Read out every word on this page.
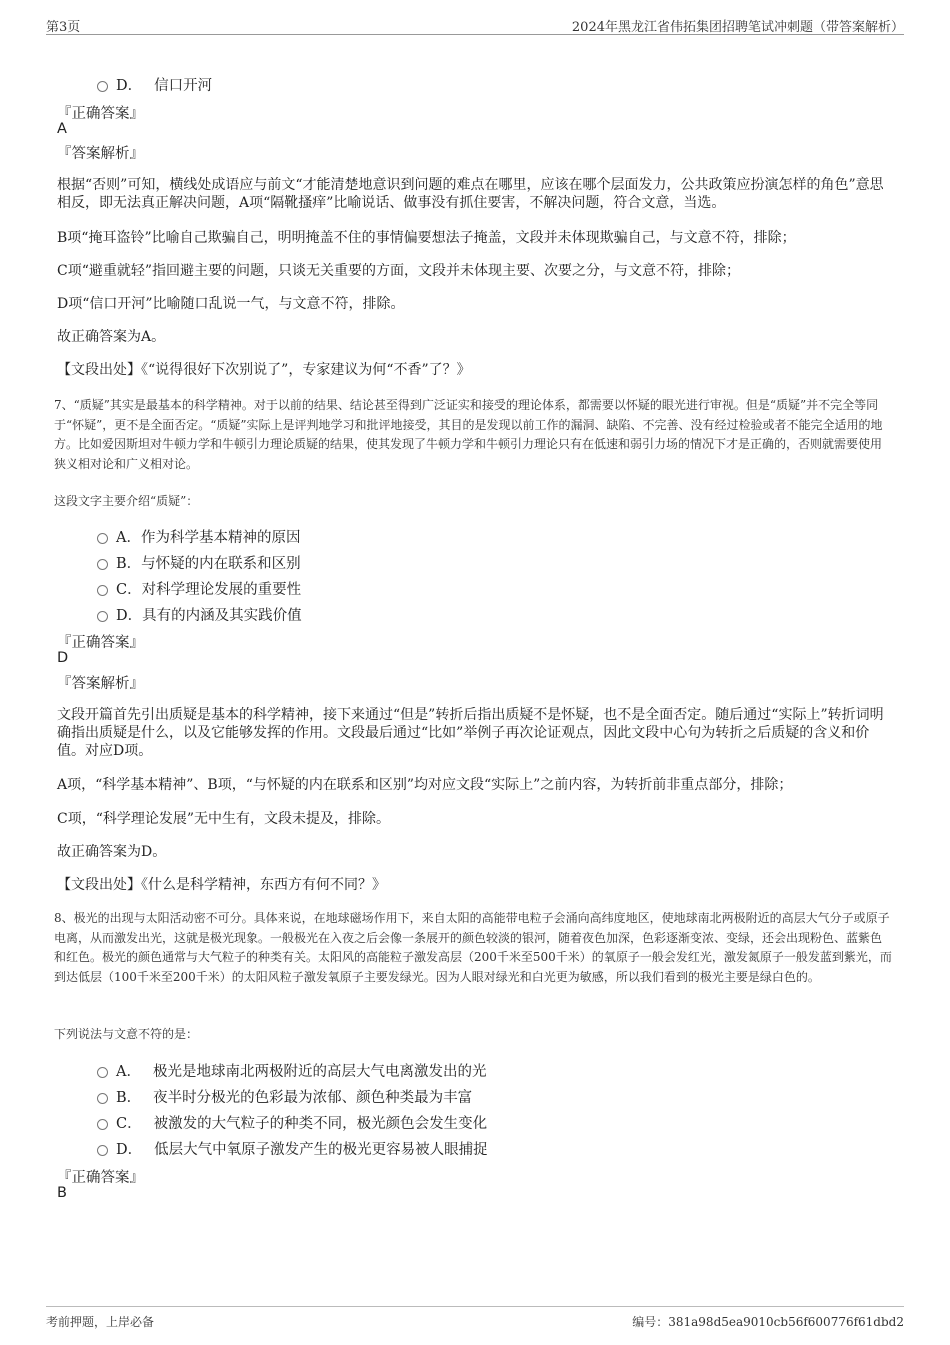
第3页	2024年黑龙江省伟拓集团招聘笔试冲刺题（带答案解析）
D． 信口开河
『正确答案』
A
『答案解析』
根据“否则”可知，横线处成语应与前文“才能清楚地意识到问题的难点在哪里，应该在哪个层面发力，公共政策应扮演怎样的角色”意思相反，即无法真正解决问题，A项“隔靴搔痒”比喻说话、做事没有抓住要害，不解决问题，符合文意，当选。
B项“掩耳盗铃”比喻自己欺骗自己，明明掩盖不住的事情偏要想法子掩盖，文段并未体现欺骗自己，与文意不符，排除；
C项“避重就轻”指回避主要的问题，只谈无关重要的方面，文段并未体现主要、次要之分，与文意不符，排除；
D项“信口开河”比喻随口乱说一气，与文意不符，排除。
故正确答案为A。
【文段出处】《“说得很好下次别说了”，专家建议为何“不香”了？》
7、“质疑”其实是最基本的科学精神。对于以前的结果、结论甚至得到广泛证实和接受的理论体系，都需要以怀疑的眼光进行审视。但是“质疑”并不完全等同于“怀疑”，更不是全面否定。“质疑”实际上是评判地学习和批评地接受，其目的是发现以前工作的漏洞、缺陷、不完善、没有经过检验或者不能完全适用的地方。比如爱因斯坦对牛顿力学和牛顿引力理论质疑的结果，使其发现了牛顿力学和牛顿引力理论只有在低速和弱引力场的情况下才是正确的，否则就需要使用狭义相对论和广义相对论。
这段文字主要介绍“质疑”：
A． 作为科学基本精神的原因
B． 与怀疑的内在联系和区别
C． 对科学理论发展的重要性
D． 具有的内涵及其实践价值
『正确答案』
D
『答案解析』
文段开篇首先引出质疑是基本的科学精神，接下来通过“但是”转折后指出质疑不是怀疑，也不是全面否定。随后通过“实际上”转折词明确指出质疑是什么，以及它能够发挥的作用。文段最后通过“比如”举例子再次论证观点，因此文段中心句为转折之后质疑的含义和价值。对应D项。
A项，“科学基本精神”、B项，“与怀疑的内在联系和区别”均对应文段“实际上”之前内容，为转折前非重点部分，排除；
C项，“科学理论发展”无中生有，文段未提及，排除。
故正确答案为D。
【文段出处】《什么是科学精神，东西方有何不同？》
8、极光的出现与太阳活动密不可分。具体来说，在地球磁场作用下，来自太阳的高能带电粒子会涌向高纬度地区，使地球南北两极附近的高层大气分子或原子电离，从而激发出光，这就是极光现象。一般极光在入夜之后会像一条展开的颜色较淡的银河，随着夜色加深，色彩逐渐变浓、变绿，还会出现粉色、蓝紫色和红色。极光的颜色通常与大气粒子的种类有关。太阳风的高能粒子激发高层（200千米至500千米）的氧原子一般会发红光，激发氮原子一般发蓝到紫光，而到达低层（100千米至200千米）的太阳风粒子激发氧原子主要发绿光。因为人眼对绿光和白光更为敏感，所以我们看到的极光主要是绿白色的。
下列说法与文意不符的是：
A． 极光是地球南北两极附近的高层大气电离激发出的光
B． 夜半时分极光的色彩最为浓郁、颜色种类最为丰富
C． 被激发的大气粒子的种类不同，极光颜色会发生变化
D． 低层大气中氧原子激发产生的极光更容易被人眼捕捉
『正确答案』
B
考前押题，上岸必备	编号：381a98d5ea9010cb56f600776f61dbd2
